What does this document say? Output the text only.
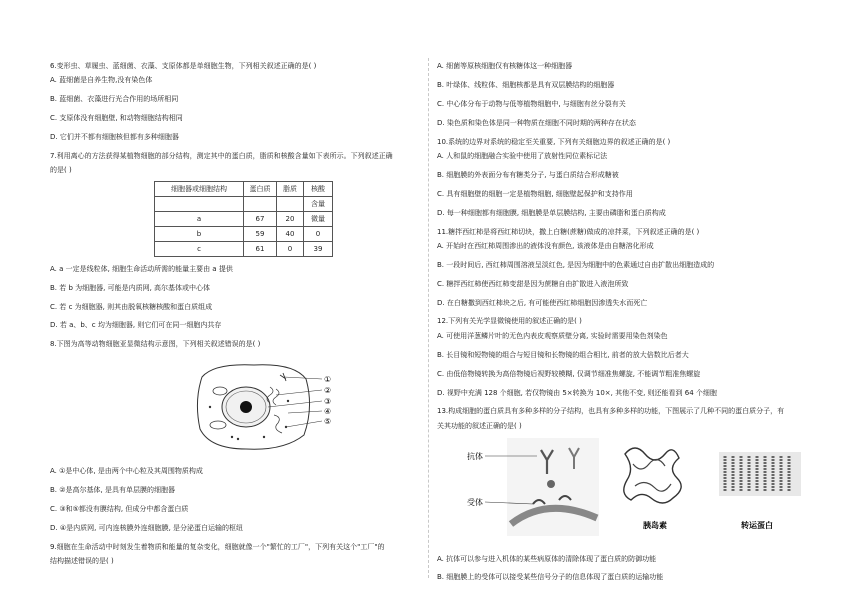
6.变形虫、草履虫、蓝细菌、衣藻、支原体都是单细胞生物，下列相关叙述正确的是( )
A. 蓝细菌是自养生物,没有染色体
B. 蓝细菌、衣藻进行光合作用的场所相同
C. 支原体没有细胞壁, 和动物细胞结构相同
D. 它们并不都有细胞核但都有多种细胞器
7.利用离心的方法获得某植物细胞的部分结构，测定其中的蛋白质，脂质和核酸含量如下表所示。下列叙述正确
的是( )
细胞器或细胞结构	蛋白质	脂质	核酸

			含量
a	67	20	微量
b	59	40	0
c	61	0	39
A. a 一定是线粒体, 细胞生命活动所需的能量主要由 a 提供
B. 若 b 为细胞器, 可能是内质网, 高尔基体或中心体
C. 若 c 为细胞器, 则其由脱氧核糖核酸和蛋白质组成
D. 若 a、b、c 均为细胞器, 则它们可在同一细胞内共存
8.下图为高等动物细胞亚显微结构示意图，下列相关叙述错误的是( )
①
②
③
④
⑤
A. ①是中心体, 是由两个中心粒及其周围物质构成
B. ②是高尔基体, 是具有单层膜的细胞器
C. ③和⑤都没有膜结构, 但成分中都含蛋白质
D. ④是内质网, 可内连核膜外连细胞膜, 是分泌蛋白运输的枢纽
9.细胞在生命活动中时刻发生着物质和能量的复杂变化，细胞就像一个"繁忙的工厂"，下列有关这个"工厂"的
结构描述错误的是( )
A. 细菌等原核细胞仅有核糖体这一种细胞器
B. 叶绿体、线粒体、细胞核都是具有双层膜结构的细胞器
C. 中心体分布于动物与低等植物细胞中, 与细胞有丝分裂有关
D. 染色质和染色体是同一种物质在细胞不同时期的两种存在状态
10.系统的边界对系统的稳定至关重要, 下列有关细胞边界的叙述正确的是( )
A. 人和鼠的细胞融合实验中使用了放射性同位素标记法
B. 细胞膜的外表面分布有糖类分子, 与蛋白质结合形成糖被
C. 具有细胞壁的细胞一定是植物细胞, 细胞壁起保护和支持作用
D. 每一种细胞都有细胞膜, 细胞膜是单层膜结构, 主要由磷脂和蛋白质构成
11.糖拌西红柿是将西红柿切块，撒上白糖(蔗糖)做成的凉拌菜，下列叙述正确的是( )
A. 开始时在西红柿周围渗出的液体没有颜色, 该液体是由自糖溶化形成
B. 一段时间后, 西红柿周围溶液呈淡红色, 是因为细胞中的色素通过自由扩散出细胞造成的
C. 糖拌西红柿使西红柿变甜是因为蔗糖自由扩散进入液泡所致
D. 在白糖撒到西红柿块之后, 有可能使西红柿细胞因渗透失水而死亡
12.下列有关光学显微镜使用的叙述正确的是( )
A. 可使用洋葱鳞片叶的无色内表皮观察质壁分离, 实验时需要用染色剂染色
B. 长目镜和短物镜的组合与短目镜和长物镜的组合相比, 前者的放大倍数比后者大
C. 由低倍物镜转换为高倍物镜后视野较模糊, 仅调节细准焦螺旋, 不能调节粗准焦螺旋
D. 视野中充满 128 个细胞, 若仅物镜由 5×转换为 10×, 其他不变, 则还能看到 64 个细胞
13.构成细胞的蛋白质具有多种多样的分子结构，也具有多种多样的功能，下图展示了几种不同的蛋白质分子，有
关其功能的叙述正确的是( )
抗体
受体
胰岛素	转运蛋白
A. 抗体可以参与进入机体的某些病原体的清除体现了蛋白质的防御功能
B. 细胞膜上的受体可以接受某些信号分子的信息体现了蛋白质的运输功能
